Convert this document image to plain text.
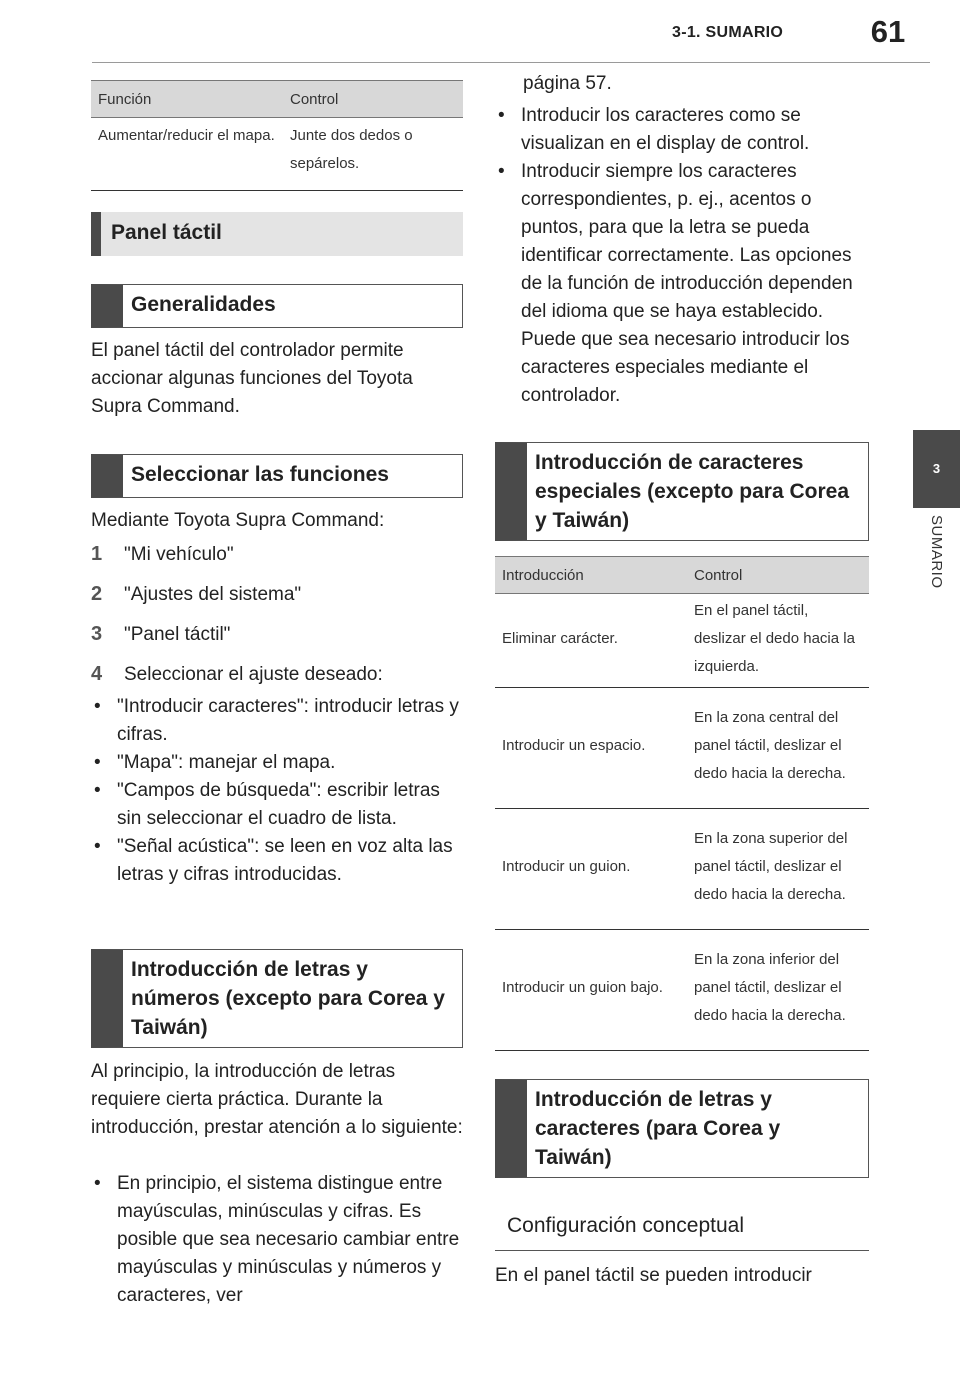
3-1. SUMARIO	61
3
SUMARIO
Función	Control
Aumentar/reducir el mapa.	Junte dos dedos o sepárelos.
Panel táctil
Generalidades
El panel táctil del controlador permite accionar algunas funciones del Toyota Supra Command.
Seleccionar las funciones
Mediante Toyota Supra Command:
1 "Mi vehículo"
2 "Ajustes del sistema"
3 "Panel táctil"
4 Seleccionar el ajuste deseado:
• "Introducir caracteres": introducir letras y cifras.
• "Mapa": manejar el mapa.
• "Campos de búsqueda": escribir letras sin seleccionar el cuadro de lista.
• "Señal acústica": se leen en voz alta las letras y cifras introducidas.
Introducción de letras y números (excepto para Corea y Taiwán)
Al principio, la introducción de letras requiere cierta práctica. Durante la introducción, prestar atención a lo siguiente:
• En principio, el sistema distingue entre mayúsculas, minúsculas y cifras. Es posible que sea necesario cambiar entre mayúsculas y minúsculas y números y caracteres, ver
página 57.
• Introducir los caracteres como se visualizan en el display de control.
• Introducir siempre los caracteres correspondientes, p. ej., acentos o puntos, para que la letra se pueda identificar correctamente. Las opciones de la función de introducción dependen del idioma que se haya establecido. Puede que sea necesario introducir los caracteres especiales mediante el controlador.
Introducción de caracteres especiales (excepto para Corea y Taiwán)
Introducción	Control
Eliminar carácter.	En el panel táctil, deslizar el dedo hacia la izquierda.
Introducir un espacio.	En la zona central del panel táctil, deslizar el dedo hacia la derecha.
Introducir un guion.	En la zona superior del panel táctil, deslizar el dedo hacia la derecha.
Introducir un guion bajo.	En la zona inferior del panel táctil, deslizar el dedo hacia la derecha.
Introducción de letras y caracteres (para Corea y Taiwán)
Configuración conceptual
En el panel táctil se pueden introducir
